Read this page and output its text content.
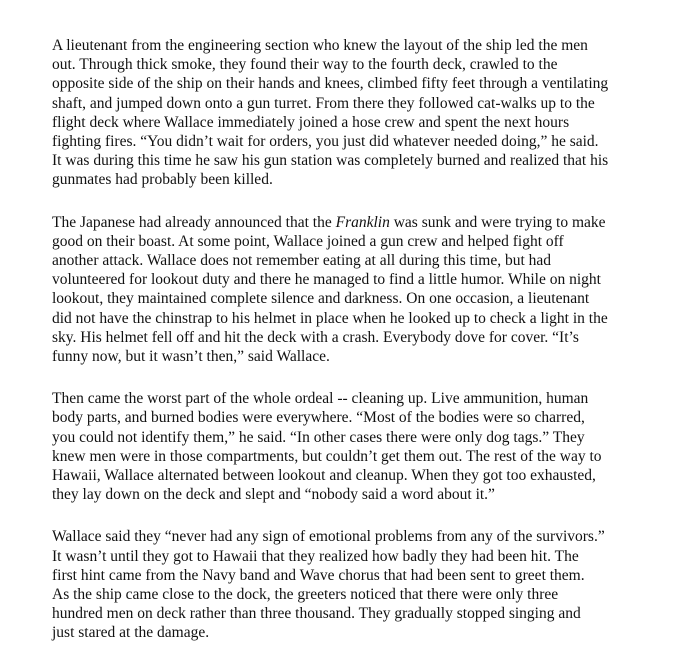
A lieutenant from the engineering section who knew the layout of the ship led the men
out. Through thick smoke, they found their way to the fourth deck, crawled to the
opposite side of the ship on their hands and knees, climbed fifty feet through a ventilating
shaft, and jumped down onto a gun turret. From there they followed cat-walks up to the
flight deck where Wallace immediately joined a hose crew and spent the next hours
fighting fires. “You didn’t wait for orders, you just did whatever needed doing,” he said.
It was during this time he saw his gun station was completely burned and realized that his
gunmates had probably been killed.

The Japanese had already announced that the Franklin was sunk and were trying to make
good on their boast. At some point, Wallace joined a gun crew and helped fight off
another attack. Wallace does not remember eating at all during this time, but had
volunteered for lookout duty and there he managed to find a little humor. While on night
lookout, they maintained complete silence and darkness. On one occasion, a lieutenant
did not have the chinstrap to his helmet in place when he looked up to check a light in the
sky. His helmet fell off and hit the deck with a crash. Everybody dove for cover. “It’s
funny now, but it wasn’t then,” said Wallace.

Then came the worst part of the whole ordeal -- cleaning up. Live ammunition, human
body parts, and burned bodies were everywhere. “Most of the bodies were so charred,
you could not identify them,” he said. “In other cases there were only dog tags.” They
knew men were in those compartments, but couldn’t get them out. The rest of the way to
Hawaii, Wallace alternated between lookout and cleanup. When they got too exhausted,
they lay down on the deck and slept and “nobody said a word about it.”

Wallace said they “never had any sign of emotional problems from any of the survivors.”
It wasn’t until they got to Hawaii that they realized how badly they had been hit. The
first hint came from the Navy band and Wave chorus that had been sent to greet them.
As the ship came close to the dock, the greeters noticed that there were only three
hundred men on deck rather than three thousand. They gradually stopped singing and
just stared at the damage.
